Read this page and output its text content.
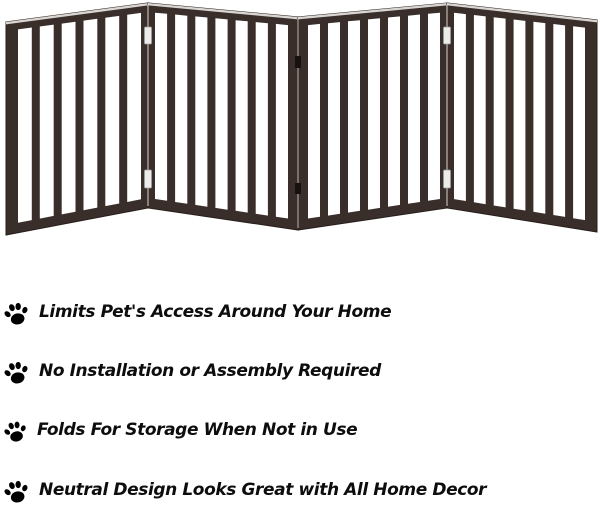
Limits Pet's Access Around Your Home
No Installation or Assembly Required
Folds For Storage When Not in Use
Neutral Design Looks Great with All Home Decor
